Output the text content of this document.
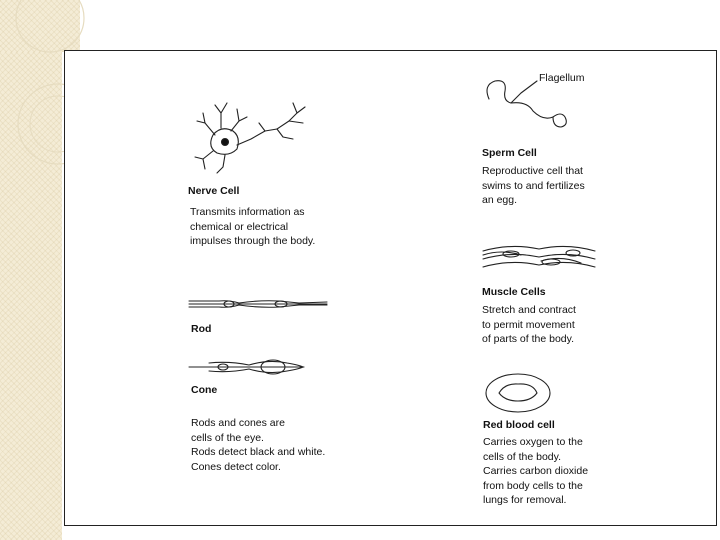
Nerve Cell
Transmits information as
chemical or electrical
impulses through the body.
Rod
Cone
Rods and cones are
cells of the eye.
Rods detect black and white.
Cones detect color.
Flagellum
Sperm Cell
Reproductive cell that
swims to and fertilizes
an egg.
Muscle Cells
Stretch and contract
to permit movement
of parts of the body.
Red blood cell
Carries oxygen to the
cells of the body.
Carries carbon dioxide
from body cells to the
lungs for removal.
